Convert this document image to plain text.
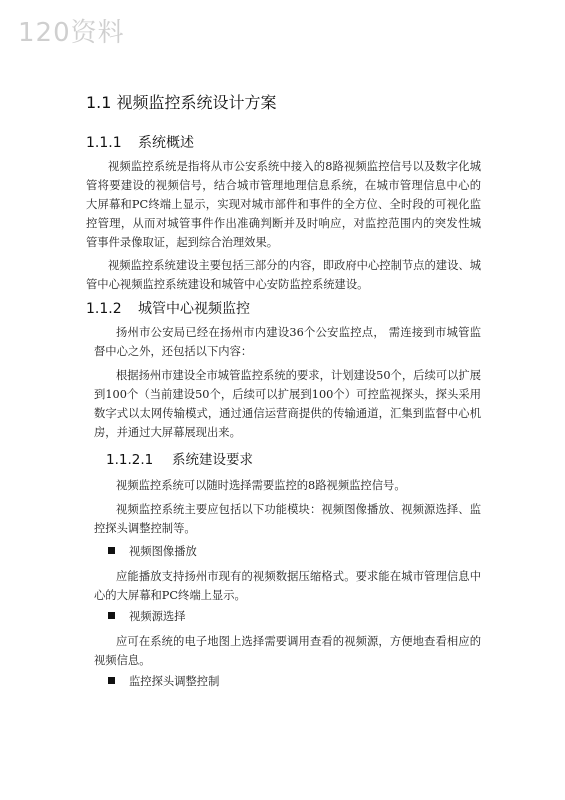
120资料
1.1 视频监控系统设计方案
1.1.1 系统概述

视频监控系统是指将从市公安系统中接入的8路视频监控信号以及数字化城管将要建设的视频信号，结合城市管理地理信息系统，在城市管理信息中心的大屏幕和PC终端上显示，实现对城市部件和事件的全方位、全时段的可视化监控管理，从而对城管事件作出准确判断并及时响应，对监控范围内的突发性城管事件录像取证，起到综合治理效果。

视频监控系统建设主要包括三部分的内容，即政府中心控制节点的建设、城管中心视频监控系统建设和城管中心安防监控系统建设。

1.1.2 城管中心视频监控

扬州市公安局已经在扬州市内建设36个公安监控点， 需连接到市城管监督中心之外，还包括以下内容：

根据扬州市建设全市城管监控系统的要求，计划建设50个，后续可以扩展到100个（当前建设50个，后续可以扩展到100个）可控监视探头，探头采用数字式以太网传输模式，通过通信运营商提供的传输通道，汇集到监督中心机房，并通过大屏幕展现出来。

1.1.2.1 系统建设要求

视频监控系统可以随时选择需要监控的8路视频监控信号。

视频监控系统主要应包括以下功能模块：视频图像播放、视频源选择、监控探头调整控制等。

视频图像播放

应能播放支持扬州市现有的视频数据压缩格式。要求能在城市管理信息中心的大屏幕和PC终端上显示。

视频源选择

应可在系统的电子地图上选择需要调用查看的视频源，方便地查看相应的视频信息。

监控探头调整控制
